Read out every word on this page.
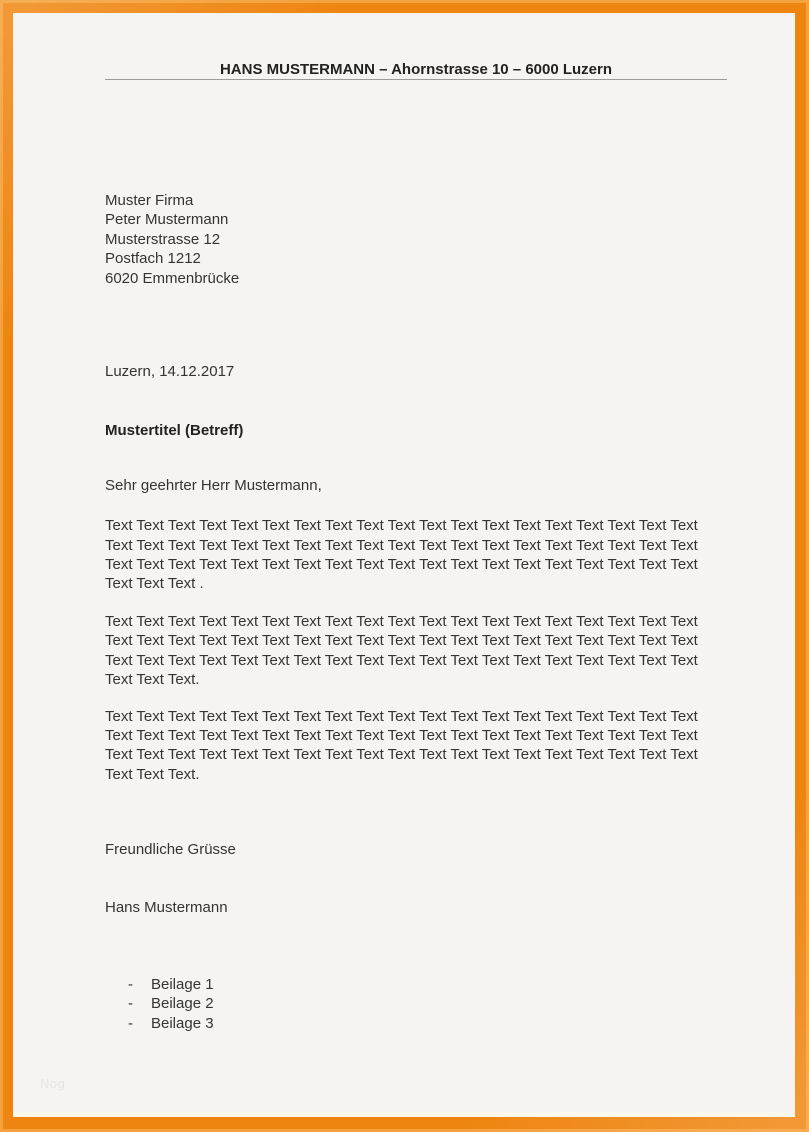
HANS MUSTERMANN – Ahornstrasse 10 – 6000 Luzern
Muster Firma
Peter Mustermann
Musterstrasse 12
Postfach 1212
6020 Emmenbrücke
Luzern, 14.12.2017
Mustertitel (Betreff)
Sehr geehrter Herr Mustermann,
Text Text Text Text Text Text Text Text Text Text Text Text Text Text Text Text Text Text Text
Text Text Text Text Text Text Text Text Text Text Text Text Text Text Text Text Text Text Text
Text Text Text Text Text Text Text Text Text Text Text Text Text Text Text Text Text Text Text
Text Text Text .
Text Text Text Text Text Text Text Text Text Text Text Text Text Text Text Text Text Text Text
Text Text Text Text Text Text Text Text Text Text Text Text Text Text Text Text Text Text Text
Text Text Text Text Text Text Text Text Text Text Text Text Text Text Text Text Text Text Text
Text Text Text.
Text Text Text Text Text Text Text Text Text Text Text Text Text Text Text Text Text Text Text
Text Text Text Text Text Text Text Text Text Text Text Text Text Text Text Text Text Text Text
Text Text Text Text Text Text Text Text Text Text Text Text Text Text Text Text Text Text Text
Text Text Text.
Freundliche Grüsse
Hans Mustermann
-	Beilage 1
-	Beilage 2
-	Beilage 3
Nog
